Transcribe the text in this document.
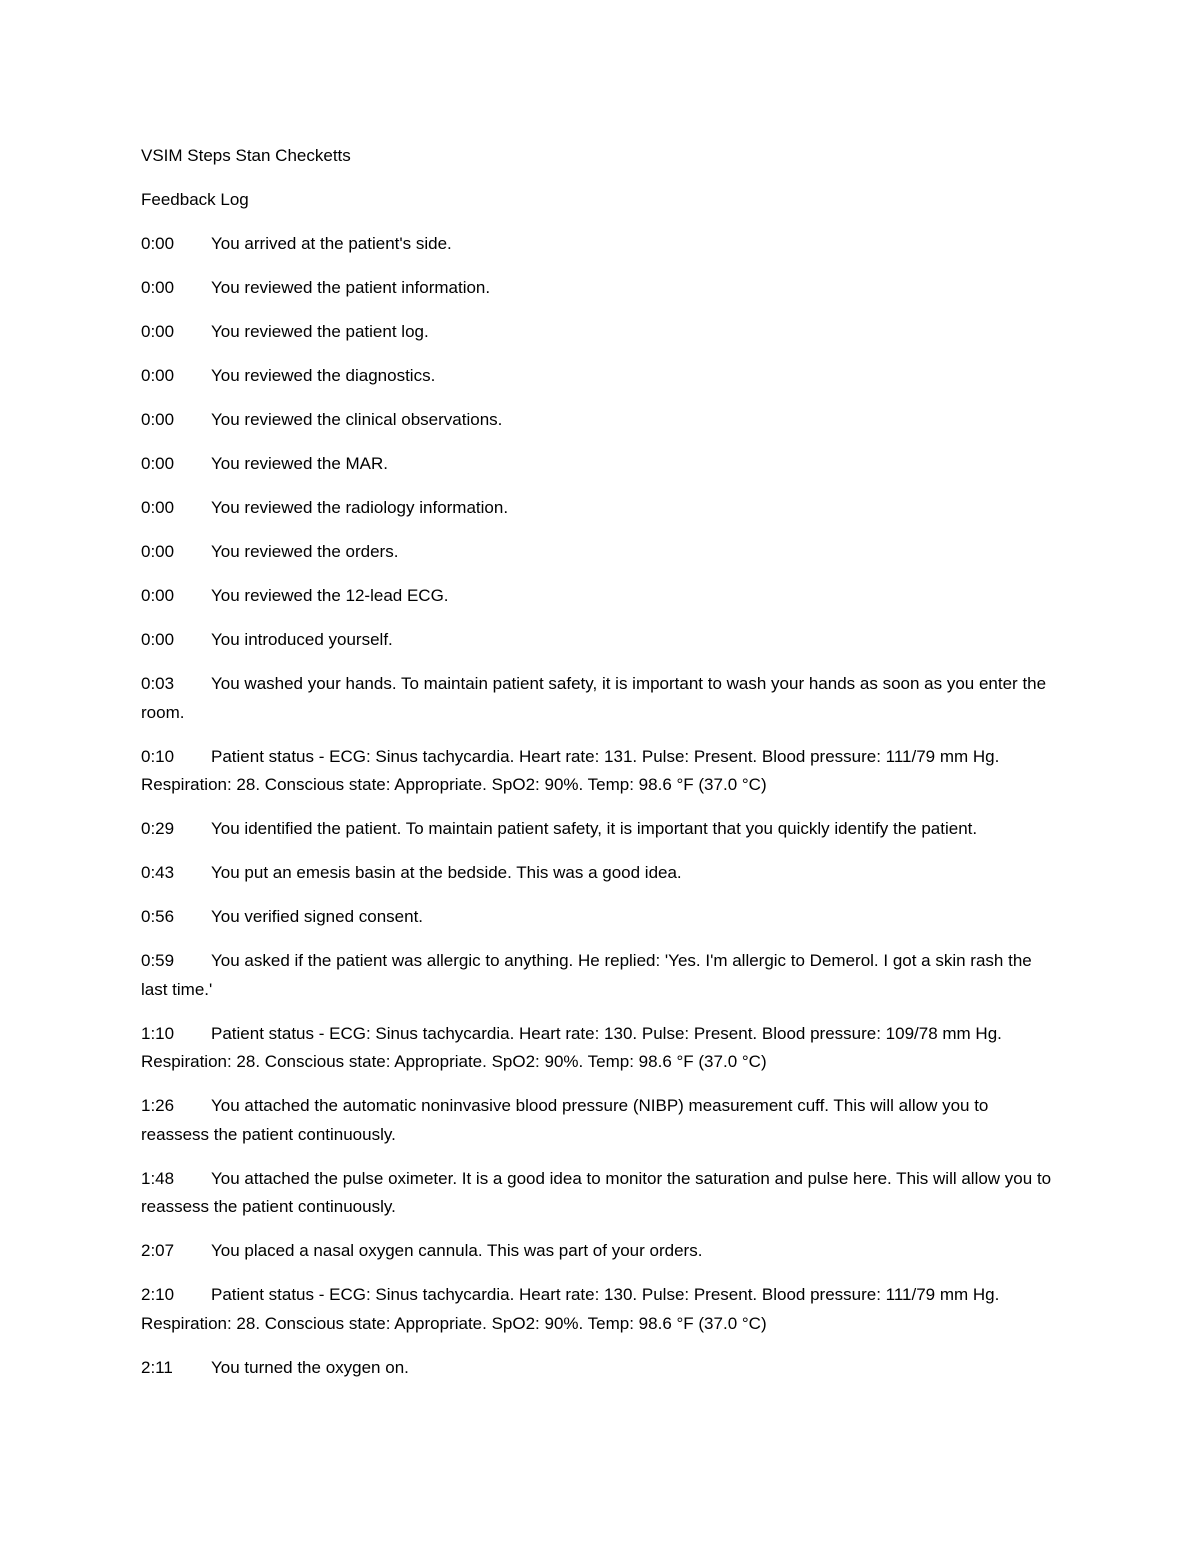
VSIM Steps Stan Checketts

Feedback Log

0:00 You arrived at the patient's side.

0:00 You reviewed the patient information.

0:00 You reviewed the patient log.

0:00 You reviewed the diagnostics.

0:00 You reviewed the clinical observations.

0:00 You reviewed the MAR.

0:00 You reviewed the radiology information.

0:00 You reviewed the orders.

0:00 You reviewed the 12-lead ECG.

0:00 You introduced yourself.

0:03 You washed your hands. To maintain patient safety, it is important to wash your hands as soon as you enter the room.

0:10 Patient status - ECG: Sinus tachycardia. Heart rate: 131. Pulse: Present. Blood pressure: 111/79 mm Hg. Respiration: 28. Conscious state: Appropriate. SpO2: 90%. Temp: 98.6 °F (37.0 °C)

0:29 You identified the patient. To maintain patient safety, it is important that you quickly identify the patient.

0:43 You put an emesis basin at the bedside. This was a good idea.

0:56 You verified signed consent.

0:59 You asked if the patient was allergic to anything. He replied: 'Yes. I'm allergic to Demerol. I got a skin rash the last time.'

1:10 Patient status - ECG: Sinus tachycardia. Heart rate: 130. Pulse: Present. Blood pressure: 109/78 mm Hg. Respiration: 28. Conscious state: Appropriate. SpO2: 90%. Temp: 98.6 °F (37.0 °C)

1:26 You attached the automatic noninvasive blood pressure (NIBP) measurement cuff. This will allow you to reassess the patient continuously.

1:48 You attached the pulse oximeter. It is a good idea to monitor the saturation and pulse here. This will allow you to reassess the patient continuously.

2:07 You placed a nasal oxygen cannula. This was part of your orders.

2:10 Patient status - ECG: Sinus tachycardia. Heart rate: 130. Pulse: Present. Blood pressure: 111/79 mm Hg. Respiration: 28. Conscious state: Appropriate. SpO2: 90%. Temp: 98.6 °F (37.0 °C)

2:11 You turned the oxygen on.
